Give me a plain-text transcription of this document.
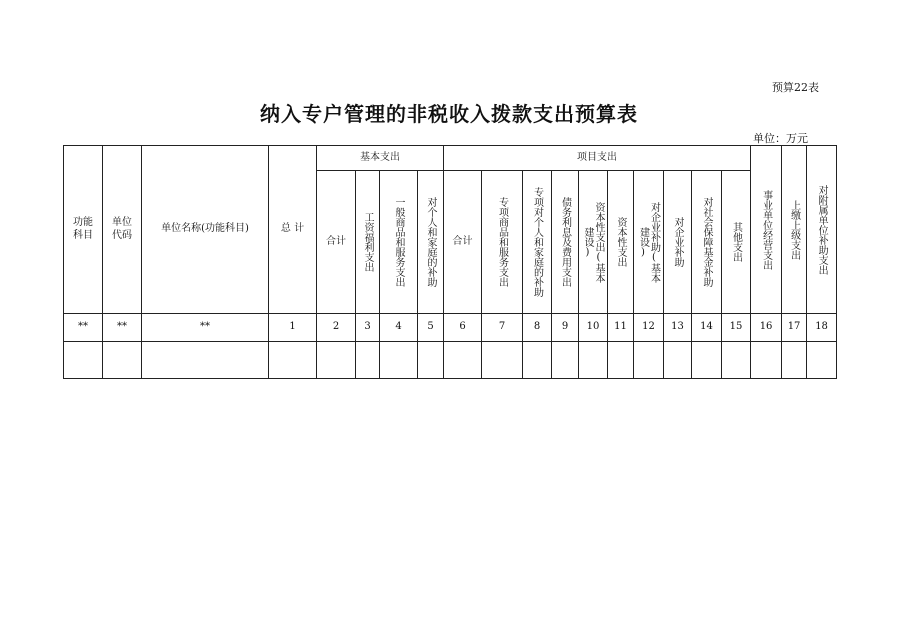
预算22表
纳入专户管理的非税收入拨款支出预算表
单位：万元
功能科目	单位代码	单位名称(功能科目)	总 计	基本支出				项目支出										事业单位经营支出	上缴上级支出	对附属单位补助支出

				合计	工资福利支出	一般商品和服务支出	对个人和家庭的补助	合计	专项商品和服务支出	专项对个人和家庭的补助	债务利息及费用支出	资本性支出(基本建设)	资本性支出	对企业补助(基本建设)	对企业补助	对社会保障基金补助	其他支出			

**	**	**	1	2	3	4	5	6	7	8	9	10	11	12	13	14	15	16	17	18
